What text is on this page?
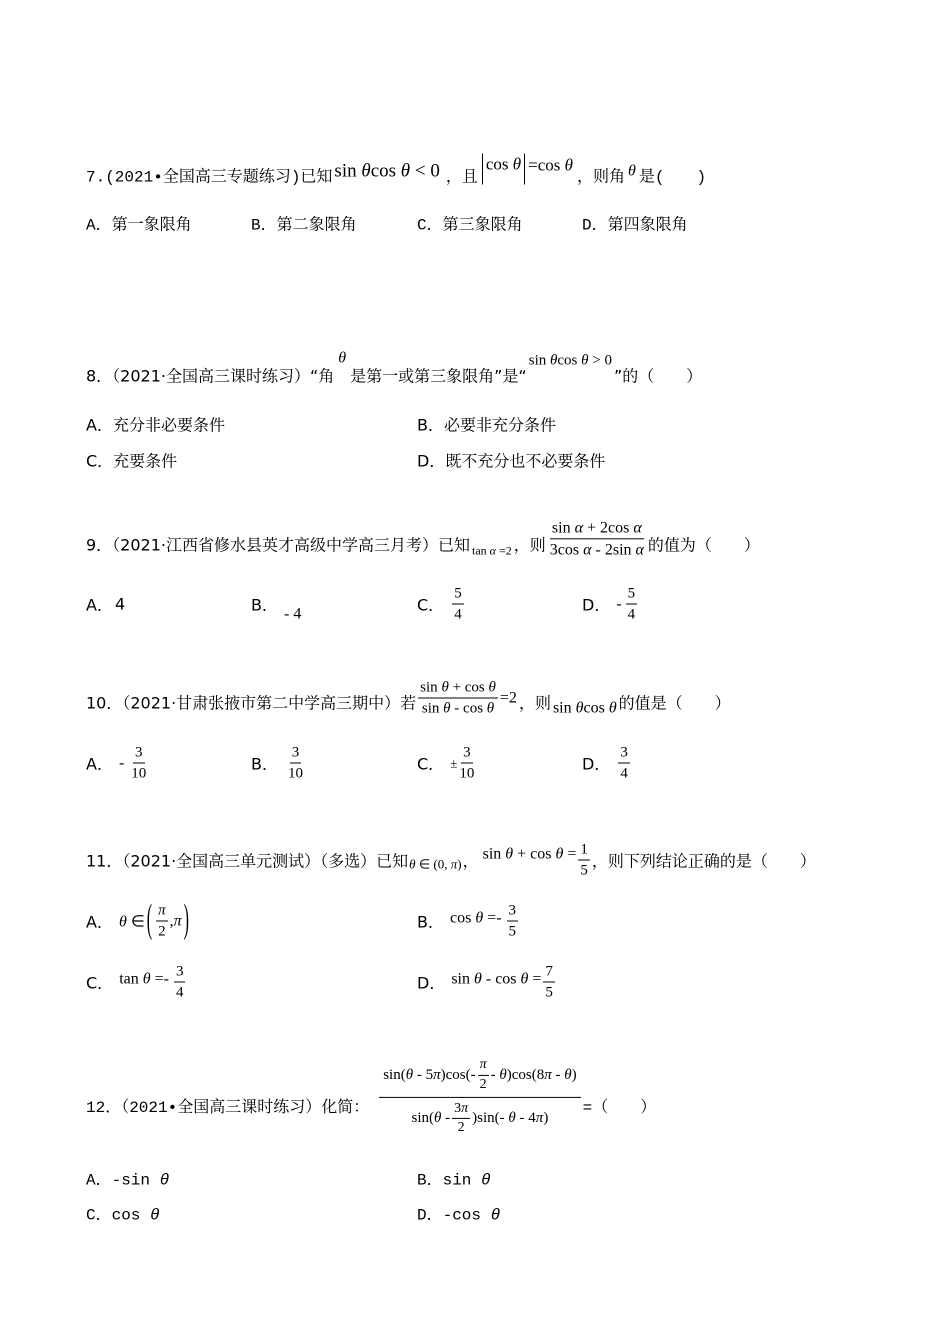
7.(2021•全国高三专题练习)已知 sin θcos θ < 0 ，且
cos θ =cos θ
，则角 θ 是(　　)
A．第一象限角	B．第二象限角	C．第三象限角	D．第四象限角
8．（2021·全国高三课时练习）“角
θ
是第一或第三象限角”是“
sin θcos θ > 0
”的（　　）
A．充分非必要条件	B．必要非充分条件
C．充要条件	D．既不充分也不必要条件
9．（2021·江西省修水县英才高级中学高三月考）已知 tan α =2 ，则 $\frac{\text{sin α + 2cos α}}{\text{3cos α - 2sin α}}$ 的值为（　　）
A． 4	B． - 4	C． $\frac{5}{4}$	D． - $\frac{5}{4}$
10．（2021·甘肃张掖市第二中学高三期中）若 $\frac{\text{sin θ + cos θ}}{\text{sin θ - cos θ}} =2$ ，则 sin θcos θ 的值是（　　）
A． - $\frac{3}{10}$	B． $\frac{3}{10}$	C． ± $\frac{3}{10}$	D． $\frac{3}{4}$
11．（2021·全国高三单元测试）（多选）已知 θ ∈ (0, π) ， $\sin \theta + \cos \theta = \frac{1}{5}$ ，则下列结论正确的是（　　）
A． θ ∈ ( $\frac{\pi}{2} ,\pi$ )	B． $\cos \theta =- \frac{3}{5}$
C． $\tan \theta =- \frac{3}{4}$	D． $\sin \theta - \cos \theta = \frac{7}{5}$
12．（2021•全国高三课时练习）化简：
$\sin(\theta - 5\pi)\cos(- \frac{\pi}{2} - \theta)\cos(8\pi - \theta)$
$\sin(\theta - \frac{3\pi}{2} )\sin(-$ θ - 4π)
=（　　）
A．-sin θ	B．sin θ
C．cos θ	D．-cos θ
